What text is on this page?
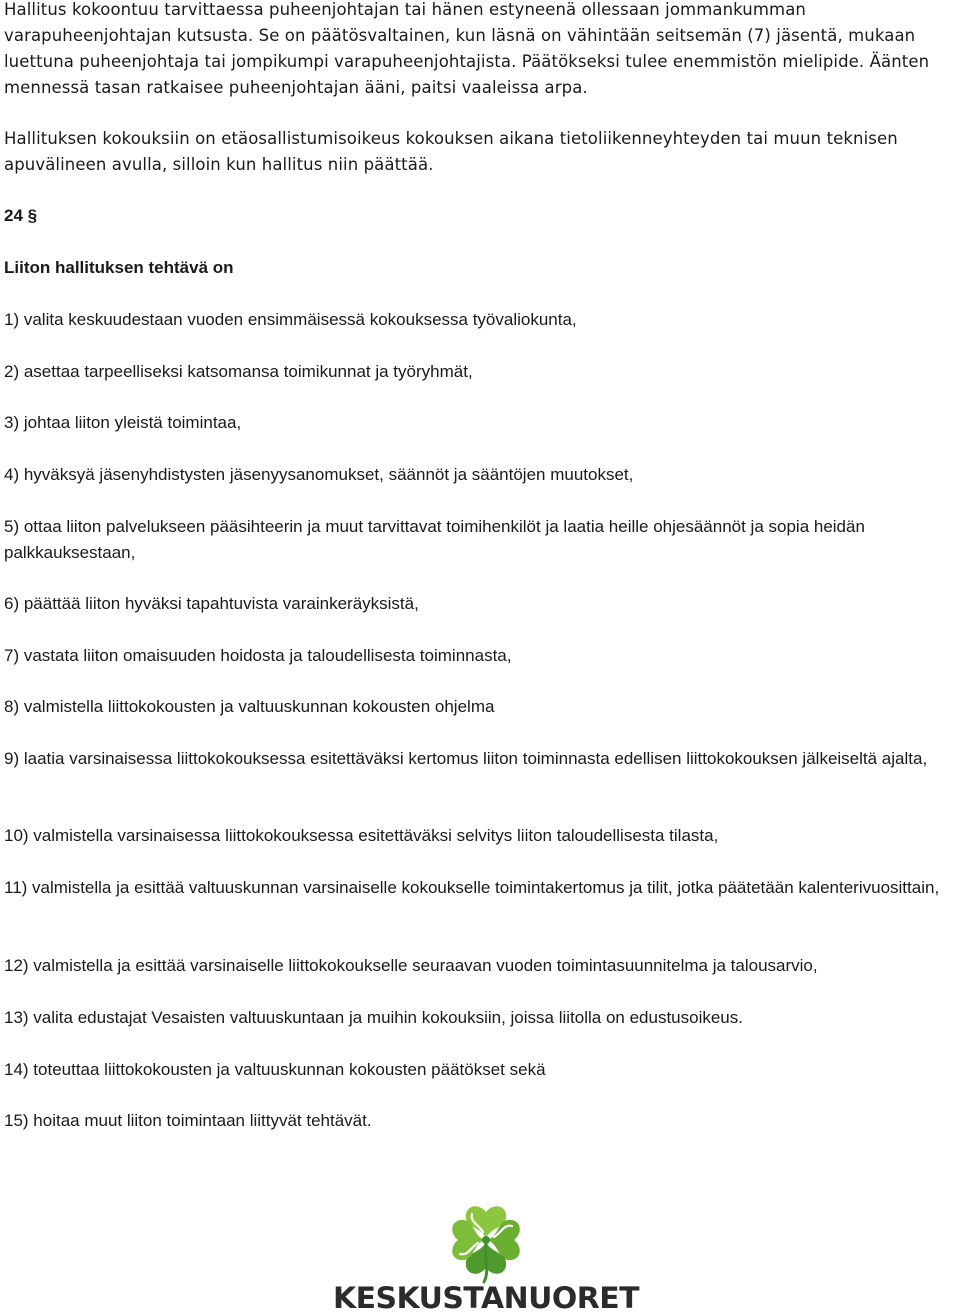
Hallitus kokoontuu tarvittaessa puheenjohtajan tai hänen estyneenä ollessaan jommankumman varapuheenjohtajan kutsusta. Se on päätösvaltainen, kun läsnä on vähintään seitsemän (7) jäsentä, mukaan luettuna puheenjohtaja tai jompikumpi varapuheenjohtajista. Päätökseksi tulee enemmistön mielipide. Äänten mennessä tasan ratkaisee puheenjohtajan ääni, paitsi vaaleissa arpa.

Hallituksen kokouksiin on etäosallistumisoikeus kokouksen aikana tietoliikenneyhteyden tai muun teknisen apuvälineen avulla, silloin kun hallitus niin päättää.

24 §

Liiton hallituksen tehtävä on

1) valita keskuudestaan vuoden ensimmäisessä kokouksessa työvaliokunta,

2) asettaa tarpeelliseksi katsomansa toimikunnat ja työryhmät,

3) johtaa liiton yleistä toimintaa,

4) hyväksyä jäsenyhdistysten jäsenyysanomukset, säännöt ja sääntöjen muutokset,

5) ottaa liiton palvelukseen pääsihteerin ja muut tarvittavat toimihenkilöt ja laatia heille ohjesäännöt ja sopia heidän palkkauksestaan,

6) päättää liiton hyväksi tapahtuvista varainkeräyksistä,

7) vastata liiton omaisuuden hoidosta ja taloudellisesta toiminnasta,

8) valmistella liittokokousten ja valtuuskunnan kokousten ohjelma

9) laatia varsinaisessa liittokokouksessa esitettäväksi kertomus liiton toiminnasta edellisen liittokokouksen jälkeiseltä ajalta,

10) valmistella varsinaisessa liittokokouksessa esitettäväksi selvitys liiton taloudellisesta tilasta,

11) valmistella ja esittää valtuuskunnan varsinaiselle kokoukselle toimintakertomus ja tilit, jotka päätetään kalenterivuosittain,

12) valmistella ja esittää varsinaiselle liittokokoukselle seuraavan vuoden toimintasuunnitelma ja talousarvio,

13) valita edustajat Vesaisten valtuuskuntaan ja muihin kokouksiin, joissa liitolla on edustusoikeus.

14) toteuttaa liittokokousten ja valtuuskunnan kokousten päätökset sekä

15) hoitaa muut liiton toimintaan liittyvät tehtävät.

KESKUSTANUORET
